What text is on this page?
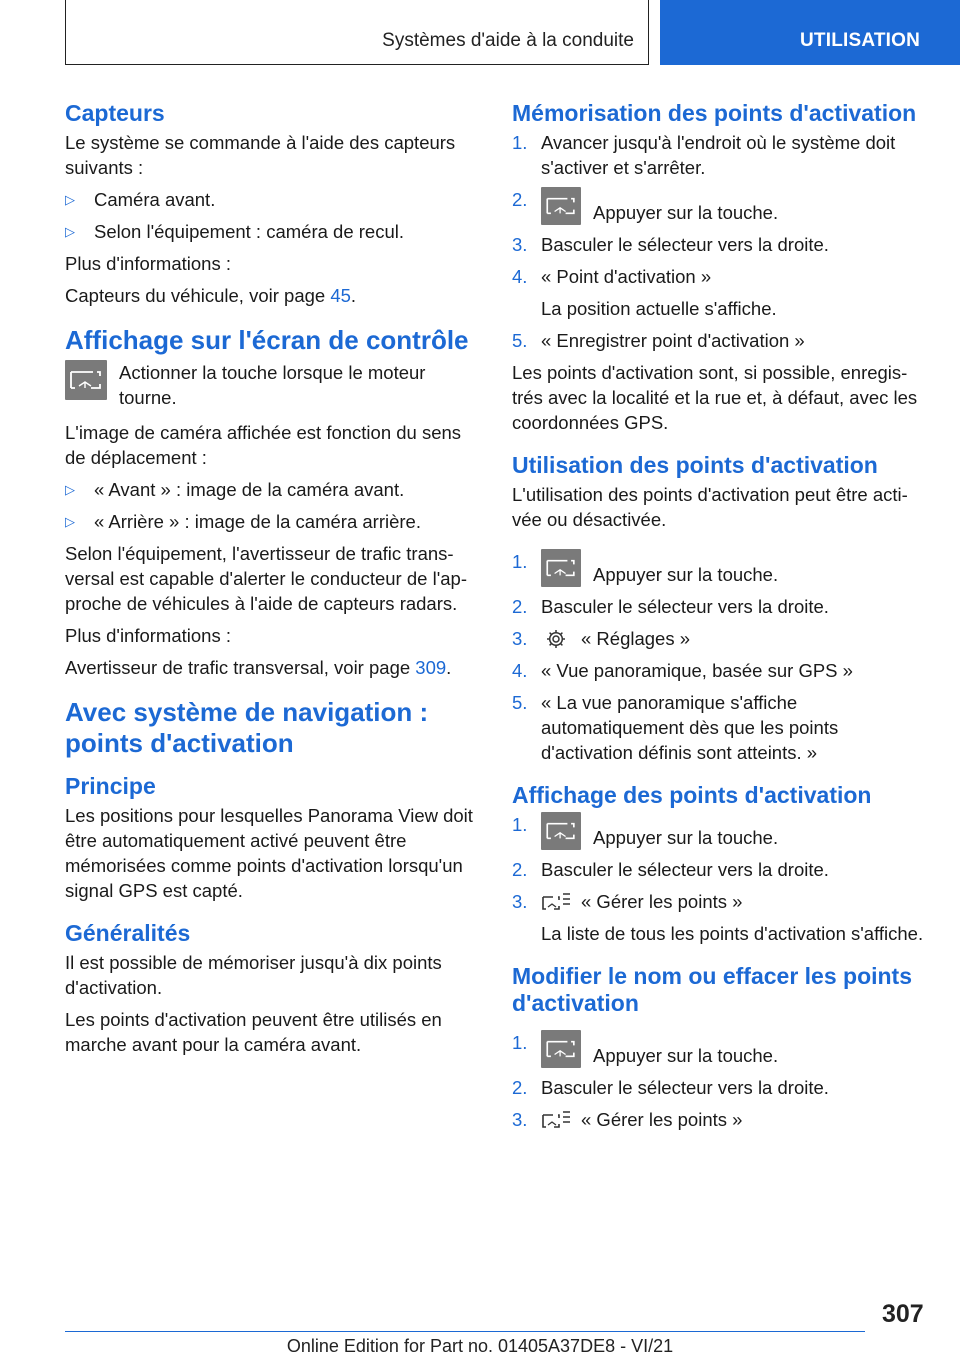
Systèmes d'aide à la conduite	UTILISATION
Capteurs
Le système se commande à l'aide des capteurs suivants :
▷ Caméra avant.
▷ Selon l'équipement : caméra de recul.
Plus d'informations :
Capteurs du véhicule, voir page 45.
Affichage sur l'écran de contrôle
Actionner la touche lorsque le moteur tourne.
L'image de caméra affichée est fonction du sens de déplacement :
▷ « Avant » : image de la caméra avant.
▷ « Arrière » : image de la caméra arrière.
Selon l'équipement, l'avertisseur de trafic transversal est capable d'alerter le conducteur de l'approche de véhicules à l'aide de capteurs radars.
Plus d'informations :
Avertisseur de trafic transversal, voir page 309.
Avec système de navigation : points d'activation
Principe
Les positions pour lesquelles Panorama View doit être automatiquement activé peuvent être mémorisées comme points d'activation lorsqu'un signal GPS est capté.
Généralités
Il est possible de mémoriser jusqu'à dix points d'activation.
Les points d'activation peuvent être utilisés en marche avant pour la caméra avant.
Mémorisation des points d'activation
1. Avancer jusqu'à l'endroit où le système doit s'activer et s'arrêter.
2.
Appuyer sur la touche.
3. Basculer le sélecteur vers la droite.
4. « Point d'activation »
La position actuelle s'affiche.
5. « Enregistrer point d'activation »
Les points d'activation sont, si possible, enregistrés avec la localité et la rue et, à défaut, avec les coordonnées GPS.
Utilisation des points d'activation
L'utilisation des points d'activation peut être activée ou désactivée.
1.
Appuyer sur la touche.
2. Basculer le sélecteur vers la droite.
3.	« Réglages »
4. « Vue panoramique, basée sur GPS »
5. « La vue panoramique s'affiche automatiquement dès que les points d'activation définis sont atteints. »
Affichage des points d'activation
1.
Appuyer sur la touche.
2. Basculer le sélecteur vers la droite.
3.	« Gérer les points »
La liste de tous les points d'activation s'affiche.
Modifier le nom ou effacer les points d'activation
1.
Appuyer sur la touche.
2. Basculer le sélecteur vers la droite.
3.	« Gérer les points »
307
Online Edition for Part no. 01405A37DE8 - VI/21
